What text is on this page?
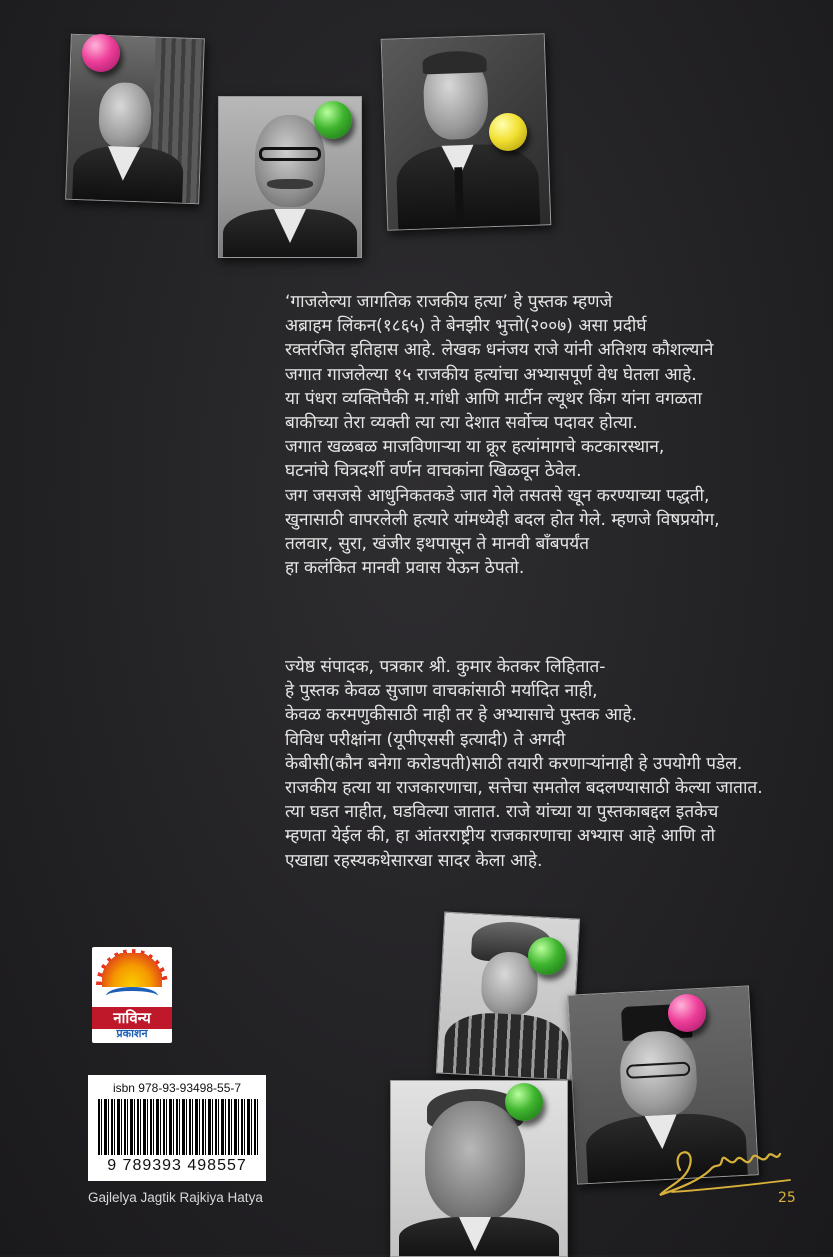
‘गाजलेल्या जागतिक राजकीय हत्या’ हे पुस्तक म्हणजे
अब्राहम लिंकन(१८६५) ते बेनझीर भुत्तो(२००७) असा प्रदीर्घ
रक्तरंजित इतिहास आहे. लेखक धनंजय राजे यांनी अतिशय कौशल्याने
जगात गाजलेल्या १५ राजकीय हत्यांचा अभ्यासपूर्ण वेध घेतला आहे.
या पंधरा व्यक्तिपैकी म.गांधी आणि मार्टीन ल्यूथर किंग यांना वगळता
बाकीच्या तेरा व्यक्ती त्या त्या देशात सर्वोच्च पदावर होत्या.
जगात खळबळ माजविणाऱ्या या क्रूर हत्यांमागचे कटकारस्थान,
घटनांचे चित्रदर्शी वर्णन वाचकांना खिळवून ठेवेल.
जग जसजसे आधुनिकतकडे जात गेले तसतसे खून करण्याच्या पद्धती,
खुनासाठी वापरलेली हत्यारे यांमध्येही बदल होत गेले. म्हणजे विषप्रयोग,
तलवार, सुरा, खंजीर इथपासून ते मानवी बाँबपर्यंत
हा कलंकित मानवी प्रवास येऊन ठेपतो.
ज्येष्ठ संपादक, पत्रकार श्री. कुमार केतकर लिहितात-
हे पुस्तक केवळ सुजाण वाचकांसाठी मर्यादित नाही,
केवळ करमणुकीसाठी नाही तर हे अभ्यासाचे पुस्तक आहे.
विविध परीक्षांना (यूपीएससी इत्यादी) ते अगदी
केबीसी(कौन बनेगा करोडपती)साठी तयारी करणाऱ्यांनाही हे उपयोगी पडेल.
राजकीय हत्या या राजकारणाचा, सत्तेचा समतोल बदलण्यासाठी केल्या जातात.
त्या घडत नाहीत, घडविल्या जातात. राजे यांच्या या पुस्तकाबद्दल इतकेच
म्हणता येईल की, हा आंतरराष्ट्रीय राजकारणाचा अभ्यास आहे आणि तो
एखाद्या रहस्यकथेसारखा सादर केला आहे.
नाविन्य
प्रकाशन
isbn 978-93-93498-55-7
9 789393 498557
Gajlelya Jagtik Rajkiya Hatya	25
